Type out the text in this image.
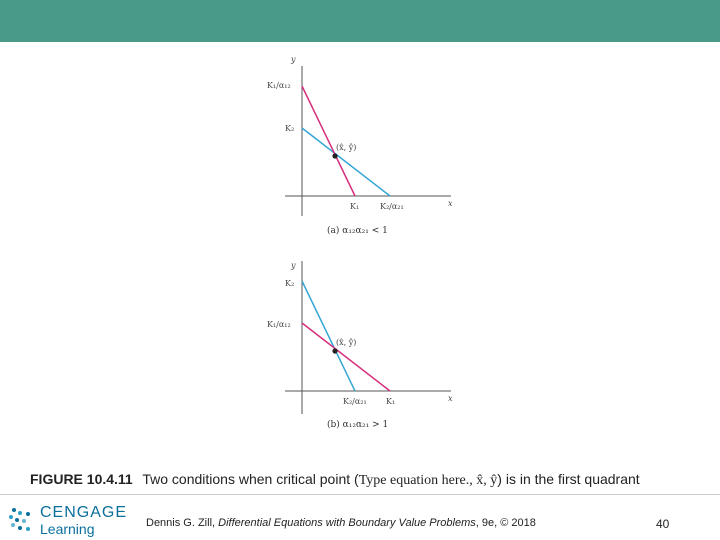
y
x
(x̂, ŷ)
K₁/α₁₂
K₂
K₁	K₂/α₂₁
(a) α₁₂α₂₁ < 1
y
x
(x̂, ŷ)
K₂
K₁/α₁₂
K₂/α₂₁ K₁
(b) α₁₂α₂₁ > 1
FIGURE 10.4.11 Two conditions when critical point (Type equation here., x̂, ŷ) is in the first quadrant
CENGAGE
Learning	Dennis G. Zill, Differential Equations with Boundary Value Problems, 9e, © 2018	40
